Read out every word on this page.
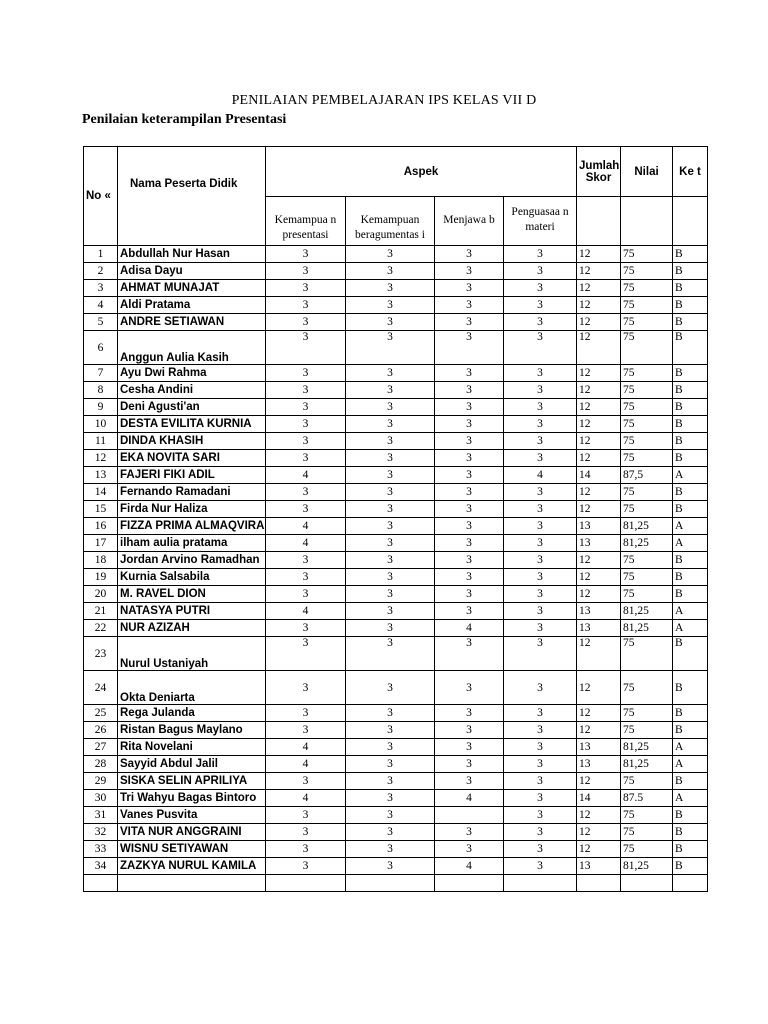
PENILAIAN PEMBELAJARAN IPS KELAS VII D
Penilaian keterampilan Presentasi
No «	Nama Peserta Didik	Aspek				Jumlah Skor	Nilai	Ke t
		Kemampua n presentasi	Kemampuan beragumentas i	Menjawa b	Penguasaa n materi			
1	Abdullah Nur Hasan	3	3	3	3	12	75	B
2	Adisa Dayu	3	3	3	3	12	75	B
3	AHMAT MUNAJAT	3	3	3	3	12	75	B
4	Aldi Pratama	3	3	3	3	12	75	B
5	ANDRE SETIAWAN	3	3	3	3	12	75	B
6	Anggun Aulia Kasih	3	3	3	3	12	75	B
7	Ayu Dwi Rahma	3	3	3	3	12	75	B
8	Cesha Andini	3	3	3	3	12	75	B
9	Deni Agusti'an	3	3	3	3	12	75	B
10	DESTA EVILITA KURNIA	3	3	3	3	12	75	B
11	DINDA KHASIH	3	3	3	3	12	75	B
12	EKA NOVITA SARI	3	3	3	3	12	75	B
13	FAJERI FIKI ADIL	4	3	3	4	14	87,5	A
14	Fernando Ramadani	3	3	3	3	12	75	B
15	Firda Nur Haliza	3	3	3	3	12	75	B
16	FIZZA PRIMA ALMAQVIRA	4	3	3	3	13	81,25	A
17	ilham aulia pratama	4	3	3	3	13	81,25	A
18	Jordan Arvino Ramadhan	3	3	3	3	12	75	B
19	Kurnia Salsabila	3	3	3	3	12	75	B
20	M. RAVEL DION	3	3	3	3	12	75	B
21	NATASYA PUTRI	4	3	3	3	13	81,25	A
22	NUR AZIZAH	3	3	4	3	13	81,25	A
23	Nurul Ustaniyah	3	3	3	3	12	75	B
24	Okta Deniarta	3	3	3	3	12	75	B
25	Rega Julanda	3	3	3	3	12	75	B
26	Ristan Bagus Maylano	3	3	3	3	12	75	B
27	Rita Novelani	4	3	3	3	13	81,25	A
28	Sayyid Abdul Jalil	4	3	3	3	13	81,25	A
29	SISKA SELIN APRILIYA	3	3	3	3	12	75	B
30	Tri Wahyu Bagas Bintoro	4	3	4	3	14	87.5	A
31	Vanes Pusvita	3	3		3	12	75	B
32	VITA NUR ANGGRAINI	3	3	3	3	12	75	B
33	WISNU SETIYAWAN	3	3	3	3	12	75	B
34	ZAZKYA NURUL KAMILA	3	3	4	3	13	81,25	B
